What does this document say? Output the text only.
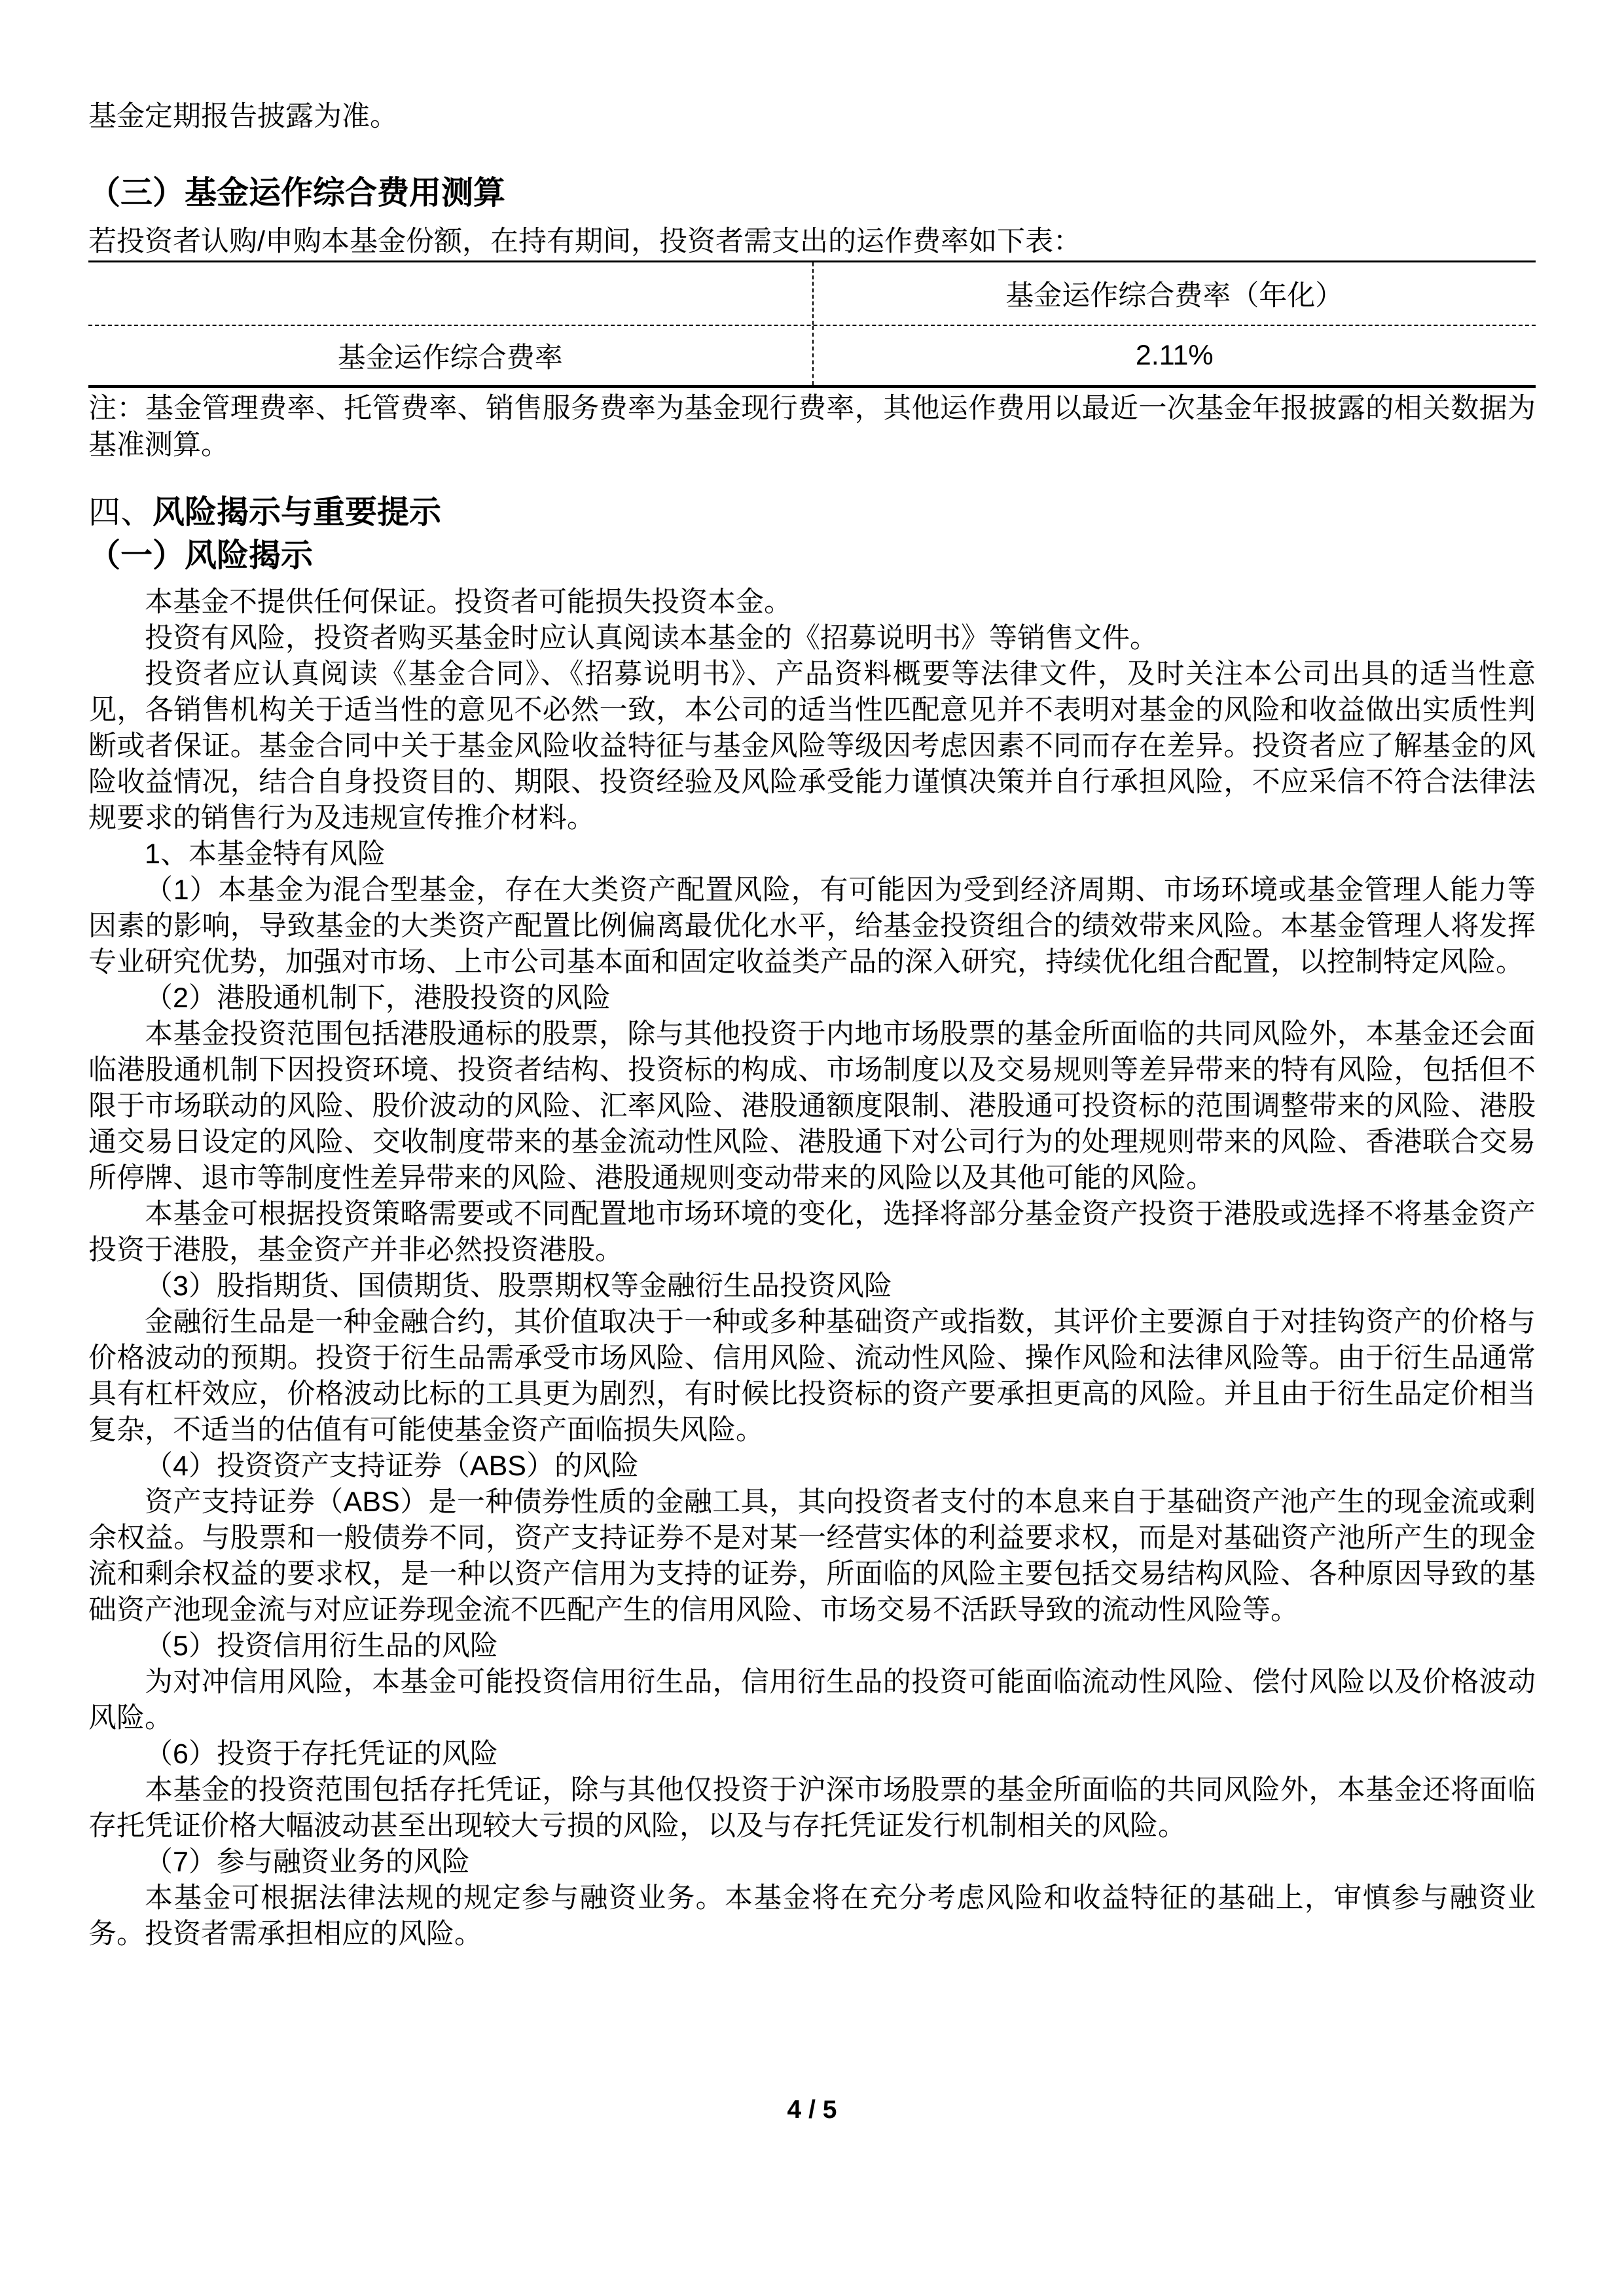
基金定期报告披露为准。
（三）基金运作综合费用测算
若投资者认购/申购本基金份额，在持有期间，投资者需支出的运作费率如下表：
基金运作综合费率（年化）
基金运作综合费率	2.11%
注：基金管理费率、托管费率、销售服务费率为基金现行费率，其他运作费用以最近一次基金年报披露的相关数据为基准测算。
四、风险揭示与重要提示
（一）风险揭示

本基金不提供任何保证。投资者可能损失投资本金。

投资有风险，投资者购买基金时应认真阅读本基金的《招募说明书》等销售文件。

投资者应认真阅读《基金合同》、《招募说明书》、产品资料概要等法律文件，及时关注本公司出具的适当性意见，各销售机构关于适当性的意见不必然一致，本公司的适当性匹配意见并不表明对基金的风险和收益做出实质性判断或者保证。基金合同中关于基金风险收益特征与基金风险等级因考虑因素不同而存在差异。投资者应了解基金的风险收益情况，结合自身投资目的、期限、投资经验及风险承受能力谨慎决策并自行承担风险，不应采信不符合法律法规要求的销售行为及违规宣传推介材料。

1、本基金特有风险

（1）本基金为混合型基金，存在大类资产配置风险，有可能因为受到经济周期、市场环境或基金管理人能力等因素的影响，导致基金的大类资产配置比例偏离最优化水平，给基金投资组合的绩效带来风险。本基金管理人将发挥专业研究优势，加强对市场、上市公司基本面和固定收益类产品的深入研究，持续优化组合配置，以控制特定风险。

（2）港股通机制下，港股投资的风险

本基金投资范围包括港股通标的股票，除与其他投资于内地市场股票的基金所面临的共同风险外，本基金还会面临港股通机制下因投资环境、投资者结构、投资标的构成、市场制度以及交易规则等差异带来的特有风险，包括但不限于市场联动的风险、股价波动的风险、汇率风险、港股通额度限制、港股通可投资标的范围调整带来的风险、港股通交易日设定的风险、交收制度带来的基金流动性风险、港股通下对公司行为的处理规则带来的风险、香港联合交易所停牌、退市等制度性差异带来的风险、港股通规则变动带来的风险以及其他可能的风险。

本基金可根据投资策略需要或不同配置地市场环境的变化，选择将部分基金资产投资于港股或选择不将基金资产投资于港股，基金资产并非必然投资港股。

（3）股指期货、国债期货、股票期权等金融衍生品投资风险

金融衍生品是一种金融合约，其价值取决于一种或多种基础资产或指数，其评价主要源自于对挂钩资产的价格与价格波动的预期。投资于衍生品需承受市场风险、信用风险、流动性风险、操作风险和法律风险等。由于衍生品通常具有杠杆效应，价格波动比标的工具更为剧烈，有时候比投资标的资产要承担更高的风险。并且由于衍生品定价相当复杂，不适当的估值有可能使基金资产面临损失风险。

（4）投资资产支持证券（ABS）的风险

资产支持证券（ABS）是一种债券性质的金融工具，其向投资者支付的本息来自于基础资产池产生的现金流或剩余权益。与股票和一般债券不同，资产支持证券不是对某一经营实体的利益要求权，而是对基础资产池所产生的现金流和剩余权益的要求权，是一种以资产信用为支持的证券，所面临的风险主要包括交易结构风险、各种原因导致的基础资产池现金流与对应证券现金流不匹配产生的信用风险、市场交易不活跃导致的流动性风险等。

（5）投资信用衍生品的风险

为对冲信用风险，本基金可能投资信用衍生品，信用衍生品的投资可能面临流动性风险、偿付风险以及价格波动风险。

（6）投资于存托凭证的风险

本基金的投资范围包括存托凭证，除与其他仅投资于沪深市场股票的基金所面临的共同风险外，本基金还将面临存托凭证价格大幅波动甚至出现较大亏损的风险，以及与存托凭证发行机制相关的风险。

（7）参与融资业务的风险

本基金可根据法律法规的规定参与融资业务。本基金将在充分考虑风险和收益特征的基础上，审慎参与融资业务。投资者需承担相应的风险。

4 / 5
